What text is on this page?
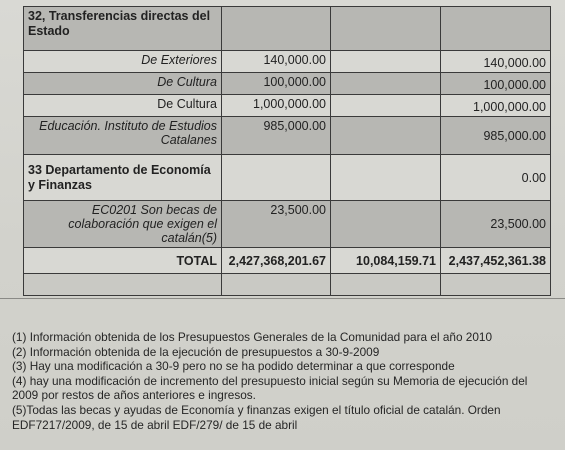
32, Transferencias directas del Estado			
De Exteriores	140,000.00		140,000.00
De Cultura	100,000.00		100,000.00
De Cultura	1,000,000.00		1,000,000.00
Educación. Instituto de Estudios Catalanes	985,000.00		985,000.00
33 Departamento de Economía y Finanzas			0.00
EC0201 Son becas de colaboración que exigen el catalán(5)	23,500.00		23,500.00
TOTAL	2,427,368,201.67	10,084,159.71	2,437,452,361.38

(1) Información obtenida de los Presupuestos Generales de la Comunidad para el año 2010
(2) Información obtenida de la ejecución de presupuestos a 30-9-2009
(3) Hay una modificación a 30-9 pero no se ha podido determinar a que corresponde
(4) hay una modificación de incremento del presupuesto inicial según su Memoria de ejecución del 2009 por restos de años anteriores e ingresos.
(5)Todas las becas y ayudas de Economía y finanzas exigen el título oficial de catalán. Orden EDF7217/2009, de 15 de abril EDF/279/ de 15 de abril
